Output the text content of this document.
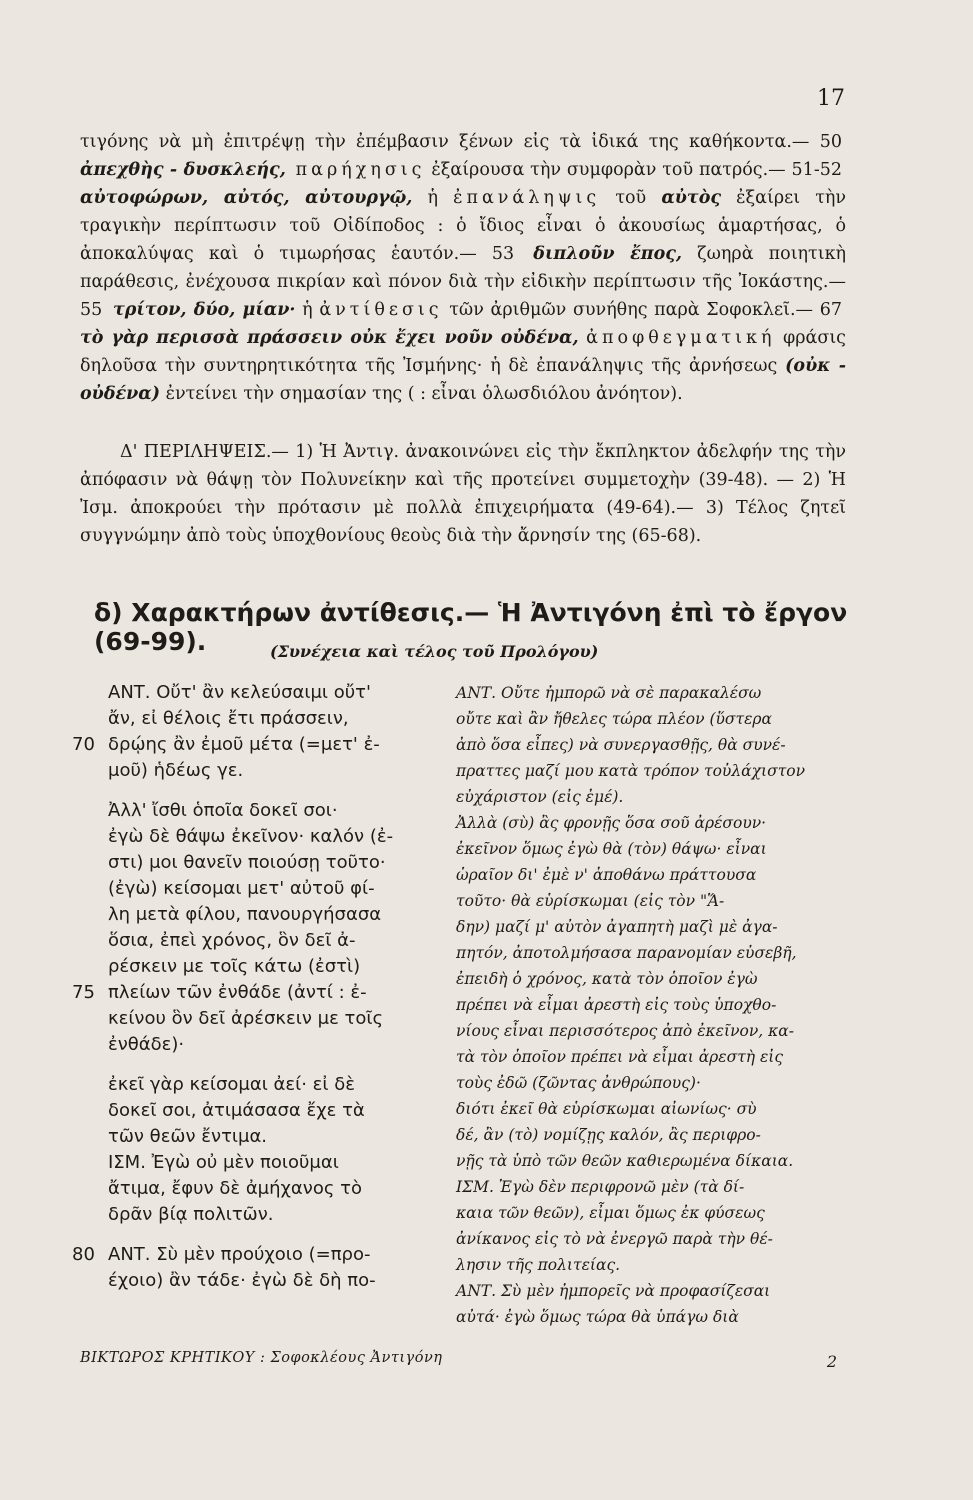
17

τιγόνης νὰ μὴ ἐπιτρέψῃ τὴν ἐπέμβασιν ξένων εἰς τὰ ἰδικά της καθήκοντα.— 50 ἀπεχθὴς - δυσκλεής, παρήχησις ἐξαίρουσα τὴν συμφορὰν τοῦ πατρός.— 51-52 αὐτοφώρων, αὐτός, αὐτουργῷ, ἡ ἐπανάληψις τοῦ αὐτὸς ἐξαίρει τὴν τραγικὴν περίπτωσιν τοῦ Οἰδίποδος : ὁ ἴδιος εἶναι ὁ ἀκουσίως ἁμαρτήσας, ὁ ἀποκαλύψας καὶ ὁ τιμωρήσας ἑαυτόν.— 53 διπλοῦν ἔπος, ζωηρὰ ποιητικὴ παράθεσις, ἐνέχουσα πικρίαν καὶ πόνον διὰ τὴν εἰδικὴν περίπτωσιν τῆς Ἰοκάστης.— 55 τρίτον, δύο, μίαν· ἡ ἀντίθεσις τῶν ἀριθμῶν συνήθης παρὰ Σοφοκλεῖ.— 67 τὸ γὰρ περισσὰ πράσσειν οὐκ ἔχει νοῦν οὐδένα, ἀποφθεγματική φράσις δηλοῦσα τὴν συντηρητικότητα τῆς Ἰσμήνης· ἡ δὲ ἐπανάληψις τῆς ἀρνήσεως (οὐκ - οὐδένα) ἐντείνει τὴν σημασίαν της ( : εἶναι ὁλωσδιόλου ἀνόητον).

Δ' ΠΕΡΙΛΗΨΕΙΣ.— 1) Ἡ Ἀντιγ. ἀνακοινώνει εἰς τὴν ἔκπληκτον ἀδελφήν της τὴν ἀπόφασιν νὰ θάψῃ τὸν Πολυνείκην καὶ τῆς προτείνει συμμετοχὴν (39-48). — 2) Ἡ Ἰσμ. ἀποκρούει τὴν πρότασιν μὲ πολλὰ ἐπιχειρήματα (49-64).— 3) Τέλος ζητεῖ συγγνώμην ἀπὸ τοὺς ὑποχθονίους θεοὺς διὰ τὴν ἄρνησίν της (65-68).

δ) Χαρακτήρων ἀντίθεσις.— Ἡ Ἀντιγόνη ἐπὶ τὸ ἔργον (69-99).	(Συνέχεια καὶ τέλος τοῦ Προλόγου)
ΑΝΤ. Οὔτ' ἂν κελεύσαιμι οὔτ'
ἄν, εἰ θέλοις ἔτι πράσσειν,
70 δρῴης ἂν ἐμοῦ μέτα (=μετ' ἐ-
μοῦ) ἡδέως γε.
Ἀλλ' ἴσθι ὁποῖα δοκεῖ σοι·
ἐγὼ δὲ θάψω ἐκεῖνον· καλόν (ἐ-
στι) μοι θανεῖν ποιούσῃ τοῦτο·
(ἐγὼ) κείσομαι μετ' αὐτοῦ φί-
λη μετὰ φίλου, πανουργήσασα
ὅσια, ἐπεὶ χρόνος, ὃν δεῖ ἀ-
ρέσκειν με τοῖς κάτω (ἐστὶ)
75 πλείων τῶν ἐνθάδε (ἀντί : ἐ-
κείνου ὃν δεῖ ἀρέσκειν με τοῖς
ἐνθάδε)·
ἐκεῖ γὰρ κείσομαι ἀεί· εἰ δὲ
δοκεῖ σοι, ἀτιμάσασα ἔχε τὰ
τῶν θεῶν ἔντιμα.
ΙΣΜ. Ἐγὼ οὐ μὲν ποιοῦμαι
ἄτιμα, ἔφυν δὲ ἀμήχανος τὸ
δρᾶν βίᾳ πολιτῶν.
80 ΑΝΤ. Σὺ μὲν προύχοιο (=προ-
έχοιο) ἂν τάδε· ἐγὼ δὲ δὴ πο-
ΑΝΤ. Οὔτε ἠμπορῶ νὰ σὲ παρακαλέσω
οὔτε καὶ ἂν ἤθελες τώρα πλέον (ὕστερα
ἀπὸ ὅσα εἶπες) νὰ συνεργασθῇς, θὰ συνέ-
πραττες μαζί μου κατὰ τρόπον τοὐλάχιστον
εὐχάριστον (εἰς ἐμέ).
Ἀλλὰ (σὺ) ἂς φρονῇς ὅσα σοῦ ἀρέσουν·
ἐκεῖνον ὅμως ἐγὼ θὰ (τὸν) θάψω· εἶναι
ὡραῖον δι' ἐμὲ ν' ἀποθάνω πράττουσα
τοῦτο· θὰ εὑρίσκωμαι (εἰς τὸν "Ἅ-
δην) μαζί μ' αὐτὸν ἀγαπητὴ μαζὶ μὲ ἀγα-
πητόν, ἀποτολμήσασα παρανομίαν εὐσεβῆ,
ἐπειδὴ ὁ χρόνος, κατὰ τὸν ὁποῖον ἐγὼ
πρέπει νὰ εἶμαι ἀρεστὴ εἰς τοὺς ὑποχθο-
νίους εἶναι περισσότερος ἀπὸ ἐκεῖνον, κα-
τὰ τὸν ὁποῖον πρέπει νὰ εἶμαι ἀρεστὴ εἰς
τοὺς ἐδῶ (ζῶντας ἀνθρώπους)·
διότι ἐκεῖ θὰ εὑρίσκωμαι αἰωνίως· σὺ
δέ, ἂν (τὸ) νομίζῃς καλόν, ἂς περιφρο-
νῇς τὰ ὑπὸ τῶν θεῶν καθιερωμένα δίκαια.
ΙΣΜ. Ἐγὼ δὲν περιφρονῶ μὲν (τὰ δί-
καια τῶν θεῶν), εἶμαι ὅμως ἐκ φύσεως
ἀνίκανος εἰς τὸ νὰ ἐνεργῶ παρὰ τὴν θέ-
λησιν τῆς πολιτείας.
ΑΝΤ. Σὺ μὲν ἠμπορεῖς νὰ προφασίζεσαι
αὐτά· ἐγὼ ὅμως τώρα θὰ ὑπάγω διὰ
ΒΙΚΤΩΡΟΣ ΚΡΗΤΙΚΟΥ : Σοφοκλέους Ἀντιγόνη	2
